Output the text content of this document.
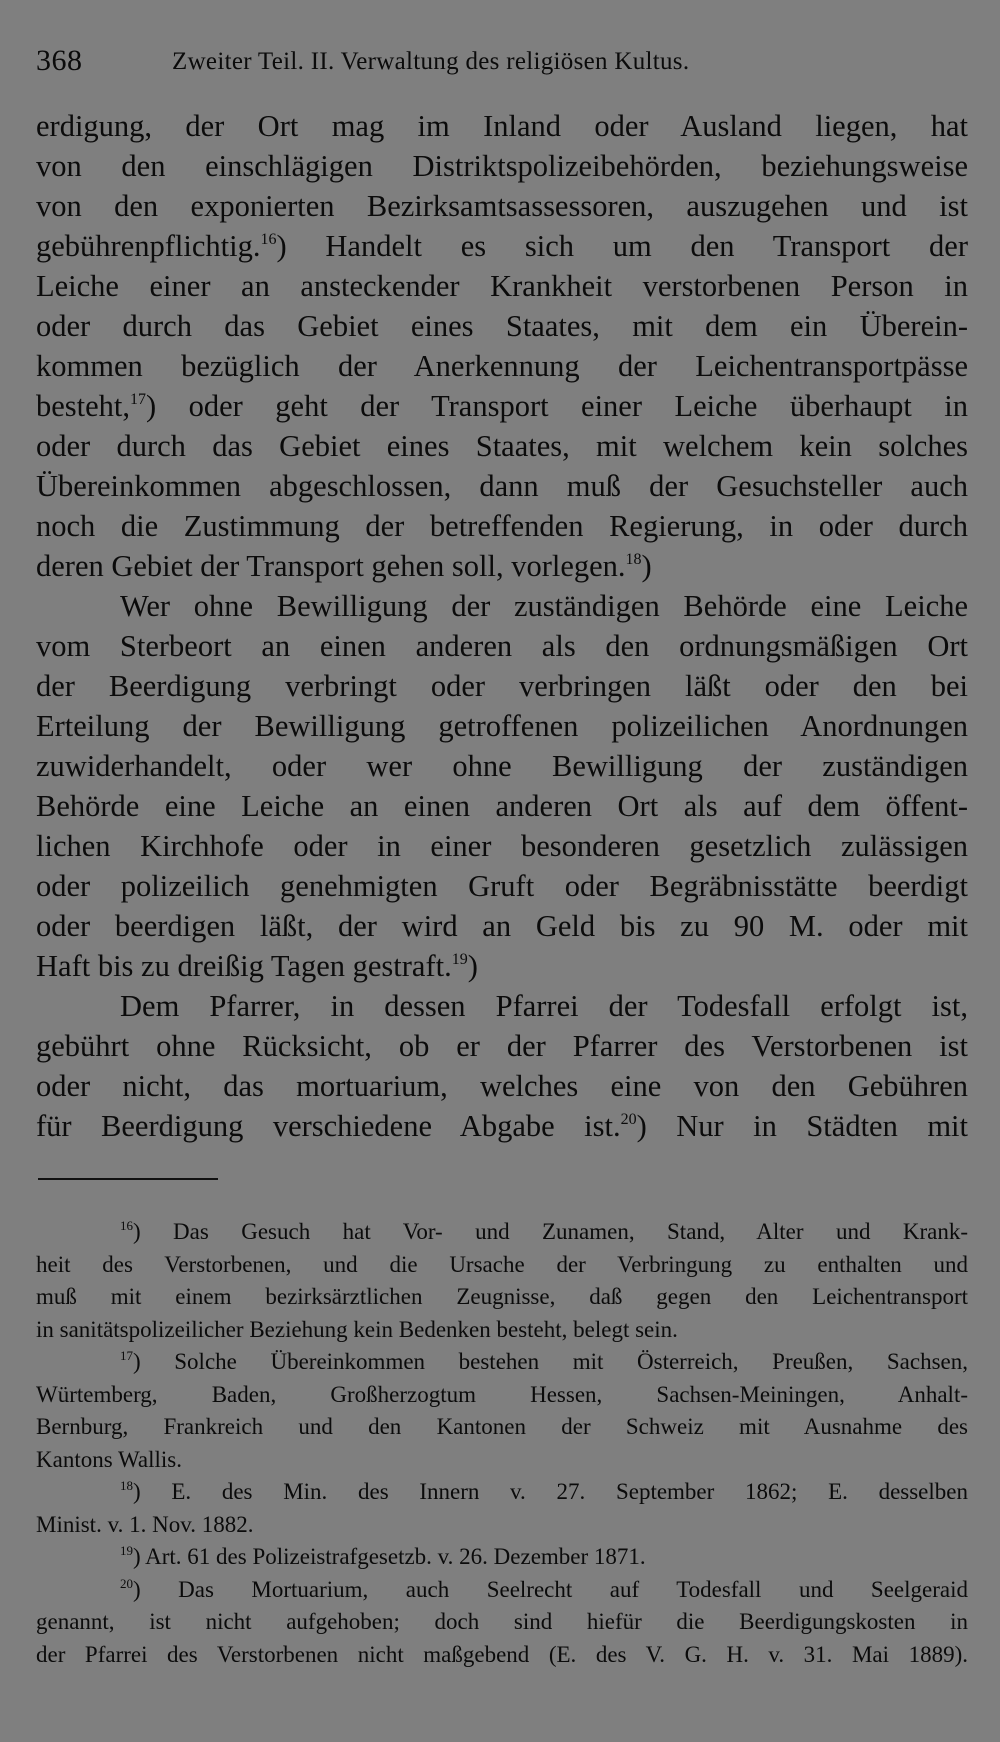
368	Zweiter Teil. II. Verwaltung des religiösen Kultus.
erdigung, der Ort mag im Inland oder Ausland liegen, hat
von den einschlägigen Distriktspolizeibehörden, beziehungsweise
von den exponierten Bezirksamtsassessoren, auszugehen und ist
gebührenpflichtig.$^{16}$) Handelt es sich um den Transport der
Leiche einer an ansteckender Krankheit verstorbenen Person in
oder durch das Gebiet eines Staates, mit dem ein Überein-
kommen bezüglich der Anerkennung der Leichentransportpässe
besteht,$^{17}$) oder geht der Transport einer Leiche überhaupt in
oder durch das Gebiet eines Staates, mit welchem kein solches
Übereinkommen abgeschlossen, dann muß der Gesuchsteller auch
noch die Zustimmung der betreffenden Regierung, in oder durch
deren Gebiet der Transport gehen soll, vorlegen.$^{18}$)
Wer ohne Bewilligung der zuständigen Behörde eine Leiche
vom Sterbeort an einen anderen als den ordnungsmäßigen Ort
der Beerdigung verbringt oder verbringen läßt oder den bei
Erteilung der Bewilligung getroffenen polizeilichen Anordnungen
zuwiderhandelt, oder wer ohne Bewilligung der zuständigen
Behörde eine Leiche an einen anderen Ort als auf dem öffent-
lichen Kirchhofe oder in einer besonderen gesetzlich zulässigen
oder polizeilich genehmigten Gruft oder Begräbnisstätte beerdigt
oder beerdigen läßt, der wird an Geld bis zu 90 M. oder mit
Haft bis zu dreißig Tagen gestraft.$^{19}$)
Dem Pfarrer, in dessen Pfarrei der Todesfall erfolgt ist,
gebührt ohne Rücksicht, ob er der Pfarrer des Verstorbenen ist
oder nicht, das mortuarium, welches eine von den Gebühren
für Beerdigung verschiedene Abgabe ist.$^{20}$) Nur in Städten mit
$^{16}$) Das Gesuch hat Vor- und Zunamen, Stand, Alter und Krank-
heit des Verstorbenen, und die Ursache der Verbringung zu enthalten und
muß mit einem bezirksärztlichen Zeugnisse, daß gegen den Leichentransport
in sanitätspolizeilicher Beziehung kein Bedenken besteht, belegt sein.
$^{17}$) Solche Übereinkommen bestehen mit Österreich, Preußen, Sachsen,
Würtemberg, Baden, Großherzogtum Hessen, Sachsen-Meiningen, Anhalt-
Bernburg, Frankreich und den Kantonen der Schweiz mit Ausnahme des
Kantons Wallis.
$^{18}$) E. des Min. des Innern v. 27. September 1862; E. desselben
Minist. v. 1. Nov. 1882.
$^{19}$) Art. 61 des Polizeistrafgesetzb. v. 26. Dezember 1871.
$^{20}$) Das Mortuarium, auch Seelrecht auf Todesfall und Seelgeraid
genannt, ist nicht aufgehoben; doch sind hiefür die Beerdigungskosten in
der Pfarrei des Verstorbenen nicht maßgebend (E. des V. G. H. v. 31. Mai 1889).
